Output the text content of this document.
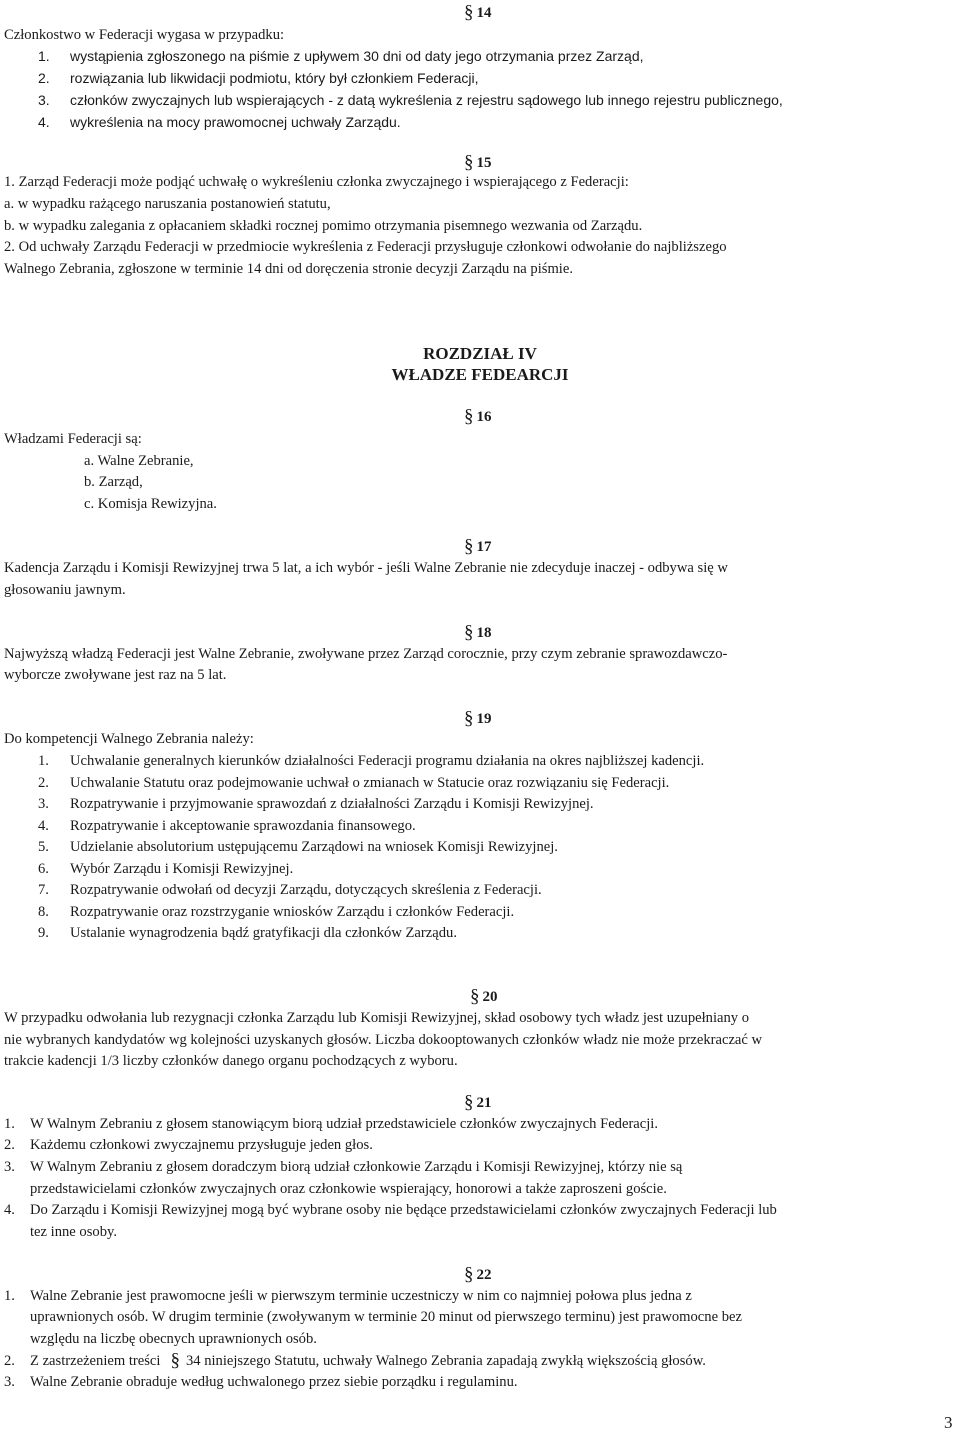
§ 14
Członkostwo w Federacji wygasa w przypadku:
1. wystąpienia zgłoszonego na piśmie z upływem 30 dni od daty jego otrzymania przez Zarząd,
2. rozwiązania lub likwidacji podmiotu, który był członkiem Federacji,
3. członków zwyczajnych lub wspierających - z datą wykreślenia z rejestru sądowego lub innego rejestru publicznego,
4. wykreślenia na mocy prawomocnej uchwały Zarządu.
§ 15
1. Zarząd Federacji może podjąć uchwałę o wykreśleniu członka zwyczajnego i wspierającego z Federacji:
a. w wypadku rażącego naruszania postanowień statutu,
b. w wypadku zalegania z opłacaniem składki rocznej pomimo otrzymania pisemnego wezwania od Zarządu.
2. Od uchwały Zarządu Federacji w przedmiocie wykreślenia z Federacji przysługuje członkowi odwołanie do najbliższego
Walnego Zebrania, zgłoszone w terminie 14 dni od doręczenia stronie decyzji Zarządu na piśmie.
ROZDZIAŁ IV
WŁADZE FEDEARCJI
§ 16
Władzami Federacji są:
a. Walne Zebranie,
b. Zarząd,
c. Komisja Rewizyjna.
§ 17
Kadencja Zarządu i Komisji Rewizyjnej trwa 5 lat, a ich wybór - jeśli Walne Zebranie nie zdecyduje inaczej - odbywa się w
głosowaniu jawnym.
§ 18
Najwyższą władzą Federacji jest Walne Zebranie, zwoływane przez Zarząd corocznie, przy czym zebranie sprawozdawczo-
wyborcze zwoływane jest raz na 5 lat.
§ 19
Do kompetencji Walnego Zebrania należy:
1. Uchwalanie generalnych kierunków działalności Federacji programu działania na okres najbliższej kadencji.
2. Uchwalanie Statutu oraz podejmowanie uchwał o zmianach w Statucie oraz rozwiązaniu się Federacji.
3. Rozpatrywanie i przyjmowanie sprawozdań z działalności Zarządu i Komisji Rewizyjnej.
4. Rozpatrywanie i akceptowanie sprawozdania finansowego.
5. Udzielanie absolutorium ustępującemu Zarządowi na wniosek Komisji Rewizyjnej.
6. Wybór Zarządu i Komisji Rewizyjnej.
7. Rozpatrywanie odwołań od decyzji Zarządu, dotyczących skreślenia z Federacji.
8. Rozpatrywanie oraz rozstrzyganie wniosków Zarządu i członków Federacji.
9. Ustalanie wynagrodzenia bądź gratyfikacji dla członków Zarządu.
§ 20
W przypadku odwołania lub rezygnacji członka Zarządu lub Komisji Rewizyjnej, skład osobowy tych władz jest uzupełniany o
nie wybranych kandydatów wg kolejności uzyskanych głosów. Liczba dokooptowanych członków władz nie może przekraczać w
trakcie kadencji 1/3 liczby członków danego organu pochodzących z wyboru.
§ 21
1. W Walnym Zebraniu z głosem stanowiącym biorą udział przedstawiciele członków zwyczajnych Federacji.
2. Każdemu członkowi zwyczajnemu przysługuje jeden głos.
3. W Walnym Zebraniu z głosem doradczym biorą udział członkowie Zarządu i Komisji Rewizyjnej, którzy nie są
przedstawicielami członków zwyczajnych oraz członkowie wspierający, honorowi a także zaproszeni goście.
4. Do Zarządu i Komisji Rewizyjnej mogą być wybrane osoby nie będące przedstawicielami członków zwyczajnych Federacji lub
tez inne osoby.
§ 22
1. Walne Zebranie jest prawomocne jeśli w pierwszym terminie uczestniczy w nim co najmniej połowa plus jedna z
uprawnionych osób. W drugim terminie (zwoływanym w terminie 20 minut od pierwszego terminu) jest prawomocne bez
względu na liczbę obecnych uprawnionych osób.
2. Z zastrzeżeniem treści § 34 niniejszego Statutu, uchwały Walnego Zebrania zapadają zwykłą większością głosów.
3. Walne Zebranie obraduje według uchwalonego przez siebie porządku i regulaminu.
3
